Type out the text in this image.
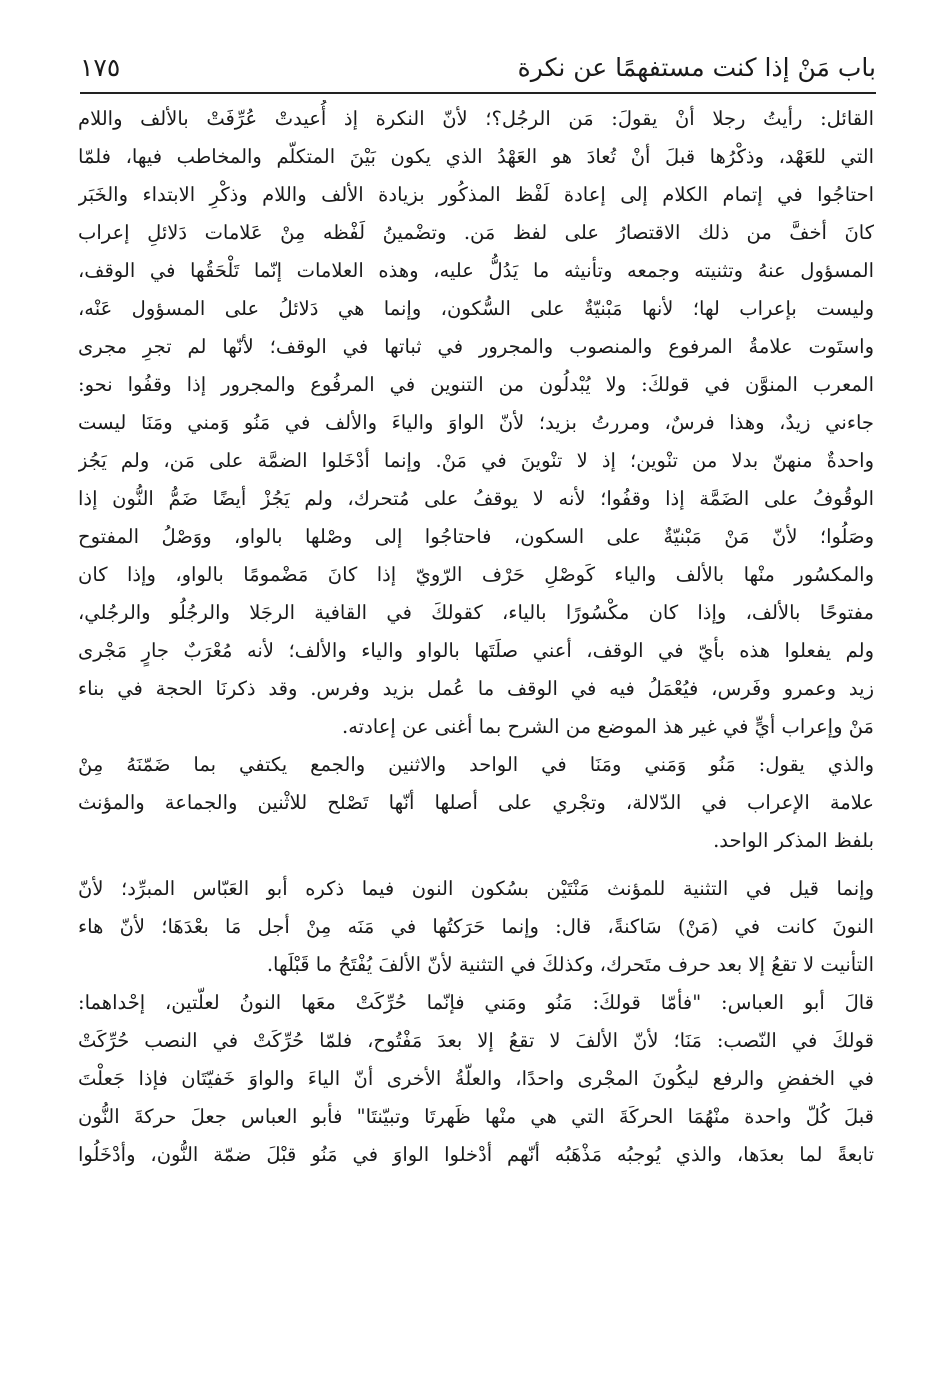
باب مَنْ إذا كنت مستفهمًا عن نكرة
١٧٥
القائل: رأيتُ رجلا أنْ يقولَ: مَن الرجُل؟؛ لأنّ النكرة إذ أُعيدتْ عُرِّفَتْ بالألف واللام
التي للعَهْد، وذكْرُها قبلَ أنْ تُعادَ هو العَهْدُ الذي يكون بَيْنَ المتكلّم والمخاطب فيها، فلمّا
احتاجُوا في إتمام الكلام إلى إعادة لَفْظ المذكُور بزيادة الألف واللام وذكْرِ الابتداء والخَبَر
كانَ أخفَّ من ذلك الاقتصارُ على لفظ مَن. وتضْمينُ لَفْظه مِنْ عَلامات دَلائلِ إعراب
المسؤول عنهُ وتثنيته وجمعه وتأنيثه ما يَدُلُّ عليه، وهذه العلامات إنّما تَلْحَقُها في الوقف،
وليست بإعراب لها؛ لأنها مَبْنيّةٌ على السُّكون، وإنما هي دَلائلُ على المسؤول عَنْه،
واستَوت علامةُ المرفوع والمنصوب والمجرور في ثباتها في الوقف؛ لأنّها لم تجرِ مجرى
المعرب المنوَّن في قولكَ: ولا يُبْدلُون من التنوين في المرفُوع والمجرور إذا وقفُوا نحو:
جاءني زيدٌ، وهذا فرسٌ، ومررتُ بزيد؛ لأنّ الواوَ والياءَ والألف في مَنُو وَمني ومَنَا ليست
واحدةٌ منهنّ بدلا من تنْوين؛ إذ لا تنْوينَ في مَنْ. وإنما أدْخَلوا الضمَّة على مَن، ولم يَجُز
الوقُوفُ على الضَمَّة إذا وقفُوا؛ لأنه لا يوقفُ على مُتحرك، ولم يَجُزْ أيضًا ضَمُّ النُّون إذا
وصَلُوا؛ لأنّ مَنْ مَبْنيّةٌ على السكون، فاحتاجُوا إلى وصْلها بالواو، ووَصْلُ المفتوح
والمكسُور منْها بالألف والياء كَوصْلِ حَرْف الرّويّ إذا كانَ مَضْمومًا بالواو، وإذا كان
مفتوحًا بالألف، وإذا كان مكْسُورًا بالياء، كقولكَ في القافية الرجَلا والرجُلُو والرجُلي،
ولم يفعلوا هذه بأيّ في الوقف، أعني صلَتَها بالواو والياء والألف؛ لأنه مُعْرَبٌ جارٍ مَجْرى
زيد وعمرو وفَرس، فيُعْمَلُ فيه في الوقف ما عُمل بزيد وفرس. وقد ذكرنَا الحجة في بناء
مَنْ وإعراب أيٍّ في غير هذ الموضع من الشرح بما أغنى عن إعادته.
والذي يقول: مَنُو وَمَني ومَنَا في الواحد والاثنين والجمع يكتفي بما ضَمّنَهُ مِنْ
علامة الإعراب في الدّلالة، وتجْري على أصلها أنّها تَصْلح للاثْنين والجماعة والمؤنث
بلفظ المذكر الواحد.
وإنما قيل في التثنية للمؤنث مَنْتَيْن بسُكون النون فيما ذكره أبو العَبّاس المبرِّد؛ لأنّ
النونَ كانت في (مَنْ) سَاكنةً، قال: وإنما حَرَكتُها في مَنَه مِنْ أجل مَا بعْدَهَا؛ لأنّ هاء
التأنيت لا تقعُ إلا بعد حرف متَحرك، وكذلكَ في التثنية لأنّ الألفَ يُفْتَحُ ما قَبْلَها.
قالَ أبو العباس: "فأمّا قولكَ: مَنُو ومَني فإنّما حُرِّكَتْ معَها النونُ لعلّتين، إحْداهما:
قولكَ في النّصب: مَنَا؛ لأنّ الألفَ لا تقعُ إلا بعدَ مَفْتُوح، فلمّا حُرِّكَتْ في النصب حُرِّكَتْ
في الخفضِ والرفع ليكُونَ المجْرى واحدًا، والعلّةُ الأخرى أنّ الياءَ والواوَ خَفيّتَان فإذا جَعلْتَ
قبلَ كُلّ واحدة منْهُمَا الحركَةَ التي هي منْها ظَهرتَا وتبيّنتَا" فأبو العباس جعلَ حركةَ النُّون
تابعةً لما بعدَها، والذي يُوجبُه مَذْهَبُه أنّهم أدْخلوا الواوَ في مَنُو قبْلَ ضمّة النُّون، وأدْخَلُوا
